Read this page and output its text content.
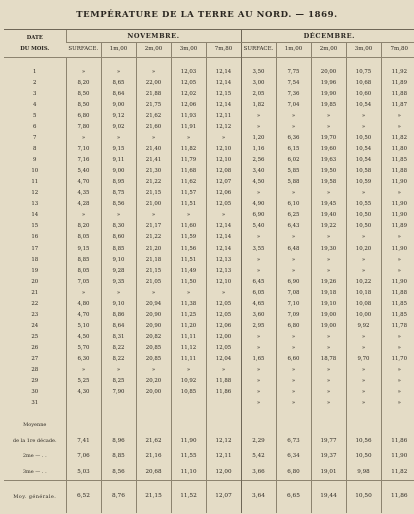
TEMPÉRATURE DE LA TERRE AU NORD. — 1869.
DATE
DU MOIS.	NOVEMBRE.					DÉCEMBRE.				
	SURFACE.	1m,00	2m,00	3m,00	7m,80	SURFACE.	1m,00	2m,00	3m,00	7m,80

1	»	»	»	12,03	12,14	3,50	7,75	20,00	10,75	11,92
2	8,20	8,65	22,00	12,05	12,14	3,00	7,54	19,96	10,68	11,89
3	8,50	8,64	21,88	12,02	12,15	2,05	7,36	19,90	10,60	11,88
4	8,50	9,00	21,75	12,06	12,14	1,82	7,04	19,85	10,54	11,87
5	6,80	9,12	21,62	11,93	12,11	»	»	»	»	»
6	7,80	9,02	21,60	11,91	12,12	»	»	»	»	»
7	»	»	»	»	»	1,20	6,36	19,70	10,50	11,82
8	7,10	9,15	21,40	11,82	12,10	1,16	6,15	19,60	10,54	11,80
9	7,16	9,11	21,41	11,79	12,10	2,56	6,02	19,63	10,54	11,85
10	5,40	9,00	21,30	11,68	12,08	3,40	5,85	19,50	10,58	11,88
11	4,70	8,95	21,22	11,62	12,07	4,50	5,88	19,58	10,59	11,90
12	4,35	8,75	21,15	11,57	12,06	»	»	»	»	»
13	4,28	8,56	21,00	11,51	12,05	4,90	6,10	19,45	10,55	11,90
14	»	»	»	»	»	6,90	6,25	19,40	10,50	11,90
15	8,20	8,30	21,17	11,60	12,14	5,40	6,43	19,22	10,50	11,89
16	8,05	8,60	21,22	11,59	12,14	»	»	»	»	»
17	9,15	8,85	21,20	11,56	12,14	3,55	6,48	19,30	10,20	11,90
18	8,85	9,10	21,18	11,51	12,13	»	»	»	»	»
19	8,05	9,28	21,15	11,49	12,13	»	»	»	»	»
20	7,05	9,35	21,05	11,50	12,10	6,45	6,90	19,26	10,22	11,90
21	»	»	»	»	»	6,05	7,08	19,18	10,18	11,88
22	4,80	9,10	20,94	11,38	12,05	4,65	7,10	19,10	10,08	11,85
23	4,70	8,86	20,90	11,25	12,05	3,60	7,09	19,00	10,00	11,85
24	5,10	8,64	20,90	11,20	12,06	2,95	6,80	19,00	9,92	11,78
25	4,50	8,31	20,82	11,11	12,00	»	»	»	»	»
26	5,70	8,22	20,85	11,12	12,05	»	»	»	»	»
27	6,30	8,22	20,85	11,11	12,04	1,65	6,60	18,78	9,70	11,70
28	»	»	»	»	»	»	»	»	»	»
29	5,25	8,25	20,20	10,92	11,88	»	»	»	»	»
30	4,30	7,90	20,00	10,85	11,86	»	»	»	»	»
31						»	»	»	»	»

Moyenne										
de la 1re décade.	7,41	8,96	21,62	11,90	12,12	2,29	6,73	19,77	10,56	11,86
2me — . .	7,06	8,85	21,16	11,55	12,11	5,42	6,34	19,37	10,50	11,90
3me — . .	5,03	8,56	20,68	11,10	12,00	3,66	6,80	19,01	9,98	11,82
Moy. générale.	6,52	8,76	21,15	11,52	12,07	3,64	6,65	19,44	10,50	11,86
